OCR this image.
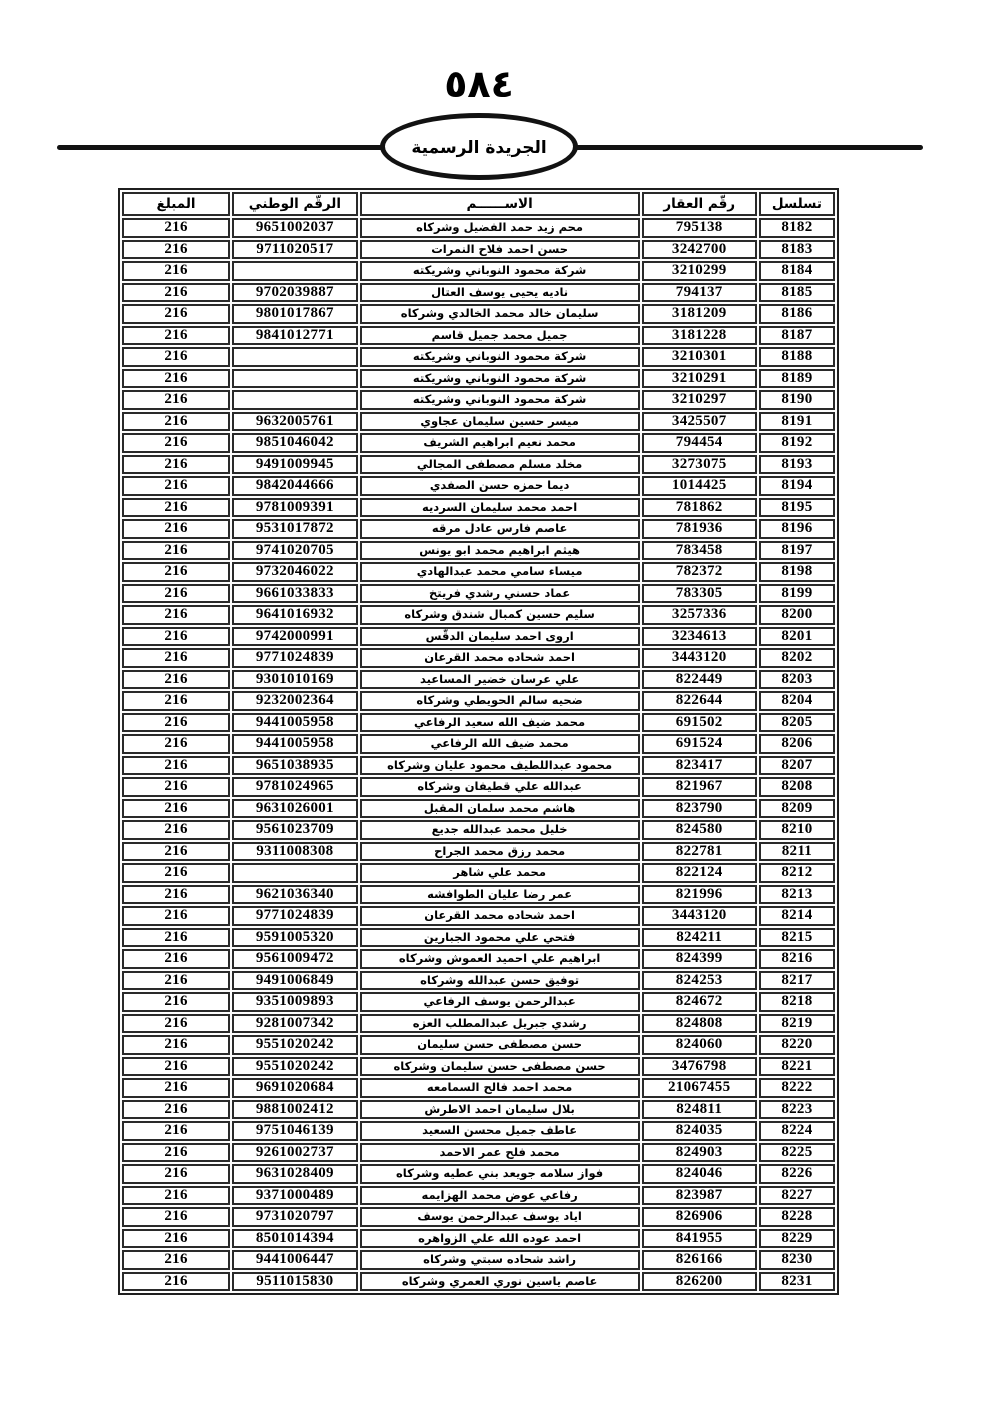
٥٨٤
الجريدة الرسمية
تسلسل	رقّم العقار	الاســــــم	الرقّم الوطني	المبلغ
8182	795138	محم زيد حمد الفضيل وشركاه	9651002037	216
8183	3242700	حسن احمد فلاح النمرات	9711020517	216
8184	3210299	شركة محمود النوباني وشريكته		216
8185	794137	ناديه يحيى يوسف العتال	9702039887	216
8186	3181209	سليمان خالد محمد الخالدي وشركاه	9801017867	216
8187	3181228	جميل محمد جميل قاسم	9841012771	216
8188	3210301	شركة محمود النوباني وشريكته		216
8189	3210291	شركة محمود النوباني وشريكته		216
8190	3210297	شركة محمود النوباني وشريكته		216
8191	3425507	ميسر حسين سليمان عجاوي	9632005761	216
8192	794454	محمد نعيم ابراهيم الشريف	9851046042	216
8193	3273075	مخلد مسلم مصطفى المجالي	9491009945	216
8194	1014425	ديما حمزه حسن الصفدي	9842044666	216
8195	781862	احمد محمد سليمان السرديه	9781009391	216
8196	781936	عاصم فارس عادل مرقه	9531017872	216
8197	783458	هيثم ابراهيم محمد ابو يونس	9741020705	216
8198	782372	ميساء سامي محمد عبدالهادي	9732046022	216
8199	783305	عماد حسني رشدي فريتخ	9661033833	216
8200	3257336	سليم حسين كمبال شندق وشركاه	9641016932	216
8201	3234613	اروى احمد سليمان الدقّس	9742000991	216
8202	3443120	احمد شحاده محمد القرعان	9771024839	216
8203	822449	علي عرسان خضير المساعيد	9301010169	216
8204	822644	ضحيه سالم الحويطي وشركاه	9232002364	216
8205	691502	محمد ضيف الله سعيد الرفاعي	9441005958	216
8206	691524	محمد ضيف الله الرفاعي	9441005958	216
8207	823417	محمود عبداللطيف محمود عليان وشركاه	9651038935	216
8208	821967	عبدالله علي قطيفان وشركاه	9781024965	216
8209	823790	هاشم محمد سلمان المقبل	9631026001	216
8210	824580	خليل محمد عبدالله جديع	9561023709	216
8211	822781	محمد رزق محمد الجراح	9311008308	216
8212	822124	محمد علي شاهر		216
8213	821996	عمر رضا عليان الطوافشه	9621036340	216
8214	3443120	احمد شحاده محمد القرعان	9771024839	216
8215	824211	فتحي علي محمود الجبارين	9591005320	216
8216	824399	ابراهيم علي احميد العموش وشركاه	9561009472	216
8217	824253	توفيق حسن عبدالله وشركاه	9491006849	216
8218	824672	عبدالرحمن يوسف الرفاعي	9351009893	216
8219	824808	رشدي جبريل عبدالمطلب العزه	9281007342	216
8220	824060	حسن مصطفى حسن سليمان	9551020242	216
8221	3476798	حسن مصطفى حسن سليمان وشركاه	9551020242	216
8222	21067455	محمد احمد فالح السمامعه	9691020684	216
8223	824811	بلال سليمان احمد الاطرش	9881002412	216
8224	824035	عاطف جميل محسن السعيد	9751046139	216
8225	824903	محمد فلح عمر الاحمد	9261002737	216
8226	824046	فواز سلامه جويعد بني عطيه وشركاه	9631028409	216
8227	823987	رفاعي عوض محمد الهزايمه	9371000489	216
8228	826906	اياد يوسف عبدالرحمن يوسف	9731020797	216
8229	841955	احمد عوده الله علي الزواهره	8501014394	216
8230	826166	راشد شحاده سبتي وشركاه	9441006447	216
8231	826200	عاصم ياسين نوري العمري وشركاه	9511015830	216
